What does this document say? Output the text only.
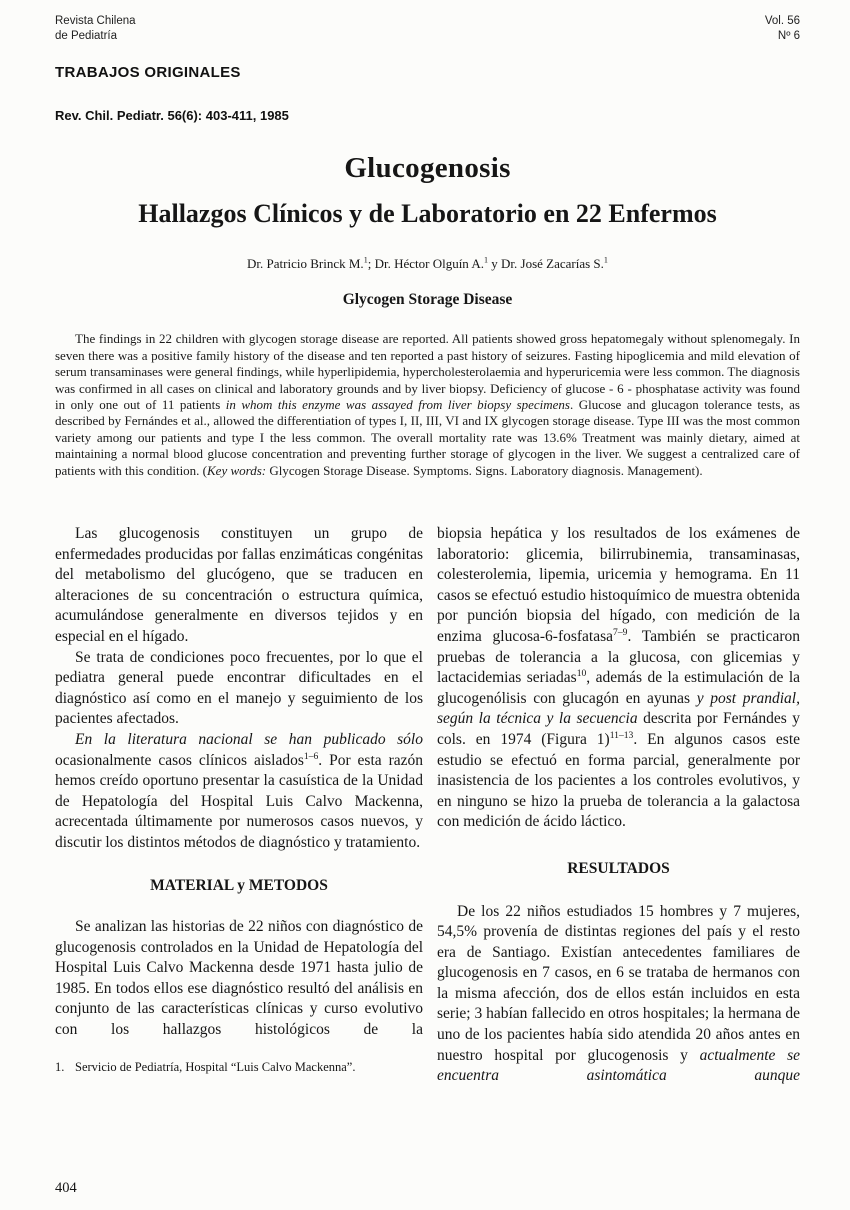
Revista Chilena
de Pediatría
Vol. 56
Nº 6
TRABAJOS ORIGINALES
Rev. Chil. Pediatr. 56(6): 403-411, 1985
Glucogenosis
Hallazgos Clínicos y de Laboratorio en 22 Enfermos
Dr. Patricio Brinck M.$^1$; Dr. Héctor Olguín A.$^1$ y Dr. José Zacarías S.$^1$
Glycogen Storage Disease
The findings in 22 children with glycogen storage disease are reported. All patients showed gross hepatomegaly without splenomegaly. In seven there was a positive family history of the disease and ten reported a past history of seizures. Fasting hipoglicemia and mild elevation of serum transaminases were general findings, while hyperlipidemia, hypercholesterolaemia and hyperuricemia were less common. The diagnosis was confirmed in all cases on clinical and laboratory grounds and by liver biopsy. Deficiency of glucose - 6 - phosphatase activity was found in only one out of 11 patients in whom this enzyme was assayed from liver biopsy specimens. Glucose and glucagon tolerance tests, as described by Fernándes et al., allowed the differentiation of types I, II, III, VI and IX glycogen storage disease. Type III was the most common variety among our patients and type I the less common. The overall mortality rate was 13.6% Treatment was mainly dietary, aimed at maintaining a normal blood glucose concentration and preventing further storage of glycogen in the liver. We suggest a centralized care of patients with this condition. (Key words: Glycogen Storage Disease. Symptoms. Signs. Laboratory diagnosis. Management).

Las glucogenosis constituyen un grupo de enfermedades producidas por fallas enzimáticas congénitas del metabolismo del glucógeno, que se traducen en alteraciones de su concentración o estructura química, acumulándose generalmente en diversos tejidos y en especial en el hígado.

Se trata de condiciones poco frecuentes, por lo que el pediatra general puede encontrar dificultades en el diagnóstico así como en el manejo y seguimiento de los pacientes afectados.

En la literatura nacional se han publicado sólo ocasionalmente casos clínicos aislados$^{1-6}$. Por esta razón hemos creído oportuno presentar la casuística de la Unidad de Hepatología del Hospital Luis Calvo Mackenna, acrecentada últimamente por numerosos casos nuevos, y discutir los distintos métodos de diagnóstico y tratamiento.

MATERIAL y METODOS

Se analizan las historias de 22 niños con diagnóstico de glucogenosis controlados en la Unidad de Hepatología del Hospital Luis Calvo Mackenna desde 1971 hasta julio de 1985. En todos ellos ese diagnóstico resultó del análisis en conjunto de las características clínicas y curso evolutivo con los hallazgos histológicos de la

1. Servicio de Pediatría, Hospital “Luis Calvo Mackenna”.

biopsia hepática y los resultados de los exámenes de laboratorio: glicemia, bilirrubinemia, transaminasas, colesterolemia, lipemia, uricemia y hemograma. En 11 casos se efectuó estudio histoquímico de muestra obtenida por punción biopsia del hígado, con medición de la enzima glucosa-6-fosfatasa$^{7-9}$. También se practicaron pruebas de tolerancia a la glucosa, con glicemias y lactacidemias seriadas$^{10}$, además de la estimulación de la glucogenólisis con glucagón en ayunas y post prandial, según la técnica y la secuencia descrita por Fernándes y cols. en 1974 (Figura 1)$^{11-13}$. En algunos casos este estudio se efectuó en forma parcial, generalmente por inasistencia de los pacientes a los controles evolutivos, y en ninguno se hizo la prueba de tolerancia a la galactosa con medición de ácido láctico.

RESULTADOS

De los 22 niños estudiados 15 hombres y 7 mujeres, 54,5% provenía de distintas regiones del país y el resto era de Santiago. Existían antecedentes familiares de glucogenosis en 7 casos, en 6 se trataba de hermanos con la misma afección, dos de ellos están incluidos en esta serie; 3 habían fallecido en otros hospitales; la hermana de uno de los pacientes había sido atendida 20 años antes en nuestro hospital por glucogenosis y actualmente se encuentra asintomática aunque

404
